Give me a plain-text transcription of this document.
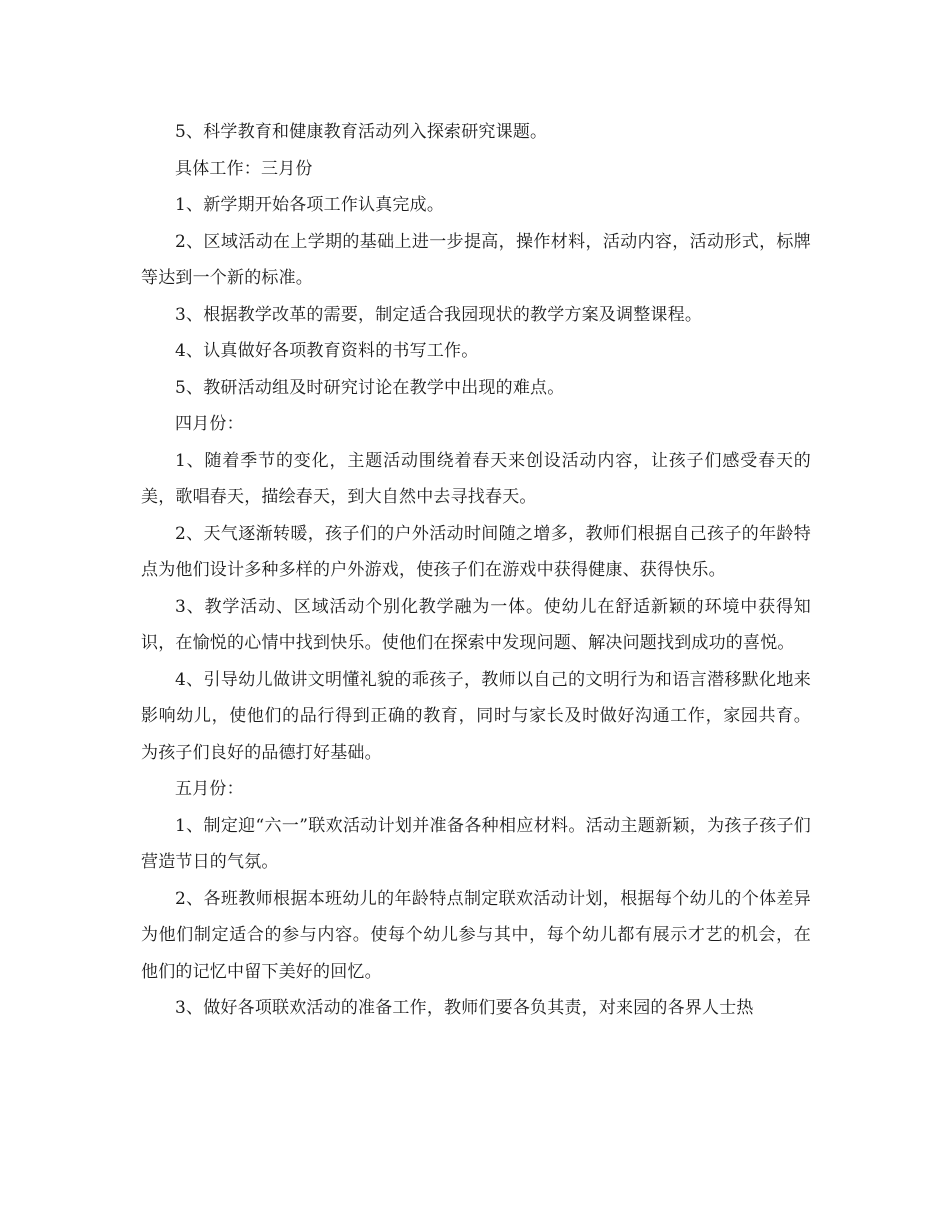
5、科学教育和健康教育活动列入探索研究课题。

具体工作：三月份

1、新学期开始各项工作认真完成。

2、区域活动在上学期的基础上进一步提高，操作材料，活动内容，活动形式，标牌等达到一个新的标准。

3、根据教学改革的需要，制定适合我园现状的教学方案及调整课程。

4、认真做好各项教育资料的书写工作。

5、教研活动组及时研究讨论在教学中出现的难点。

四月份：

1、随着季节的变化，主题活动围绕着春天来创设活动内容，让孩子们感受春天的美，歌唱春天，描绘春天，到大自然中去寻找春天。

2、天气逐渐转暖，孩子们的户外活动时间随之增多，教师们根据自己孩子的年龄特点为他们设计多种多样的户外游戏，使孩子们在游戏中获得健康、获得快乐。

3、教学活动、区域活动个别化教学融为一体。使幼儿在舒适新颖的环境中获得知识，在愉悦的心情中找到快乐。使他们在探索中发现问题、解决问题找到成功的喜悦。

4、引导幼儿做讲文明懂礼貌的乖孩子，教师以自己的文明行为和语言潜移默化地来影响幼儿，使他们的品行得到正确的教育，同时与家长及时做好沟通工作，家园共育。为孩子们良好的品德打好基础。

五月份：

1、制定迎“六一”联欢活动计划并准备各种相应材料。活动主题新颖，为孩子孩子们营造节日的气氛。

2、各班教师根据本班幼儿的年龄特点制定联欢活动计划，根据每个幼儿的个体差异为他们制定适合的参与内容。使每个幼儿参与其中，每个幼儿都有展示才艺的机会，在他们的记忆中留下美好的回忆。

3、做好各项联欢活动的准备工作，教师们要各负其责，对来园的各界人士热
